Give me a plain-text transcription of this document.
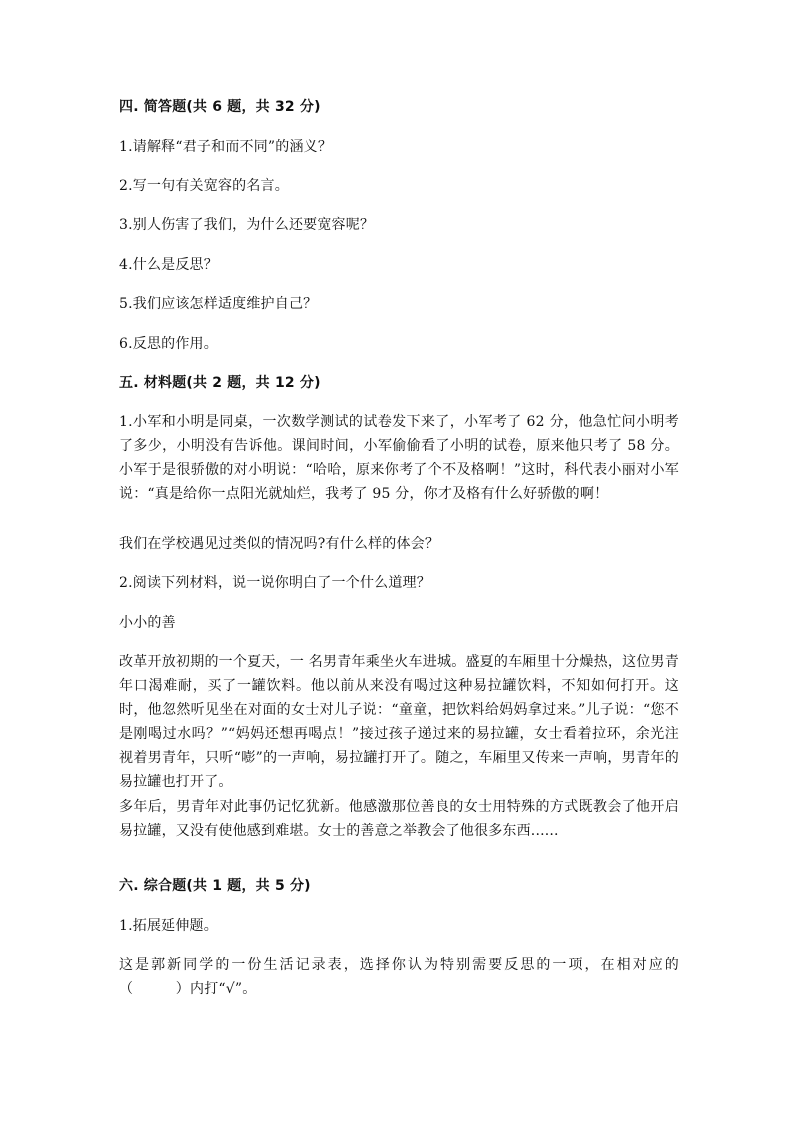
四. 简答题(共 6 题，共 32 分)
1.请解释“君子和而不同”的涵义？
2.写一句有关宽容的名言。
3.别人伤害了我们，为什么还要宽容呢？
4.什么是反思？
5.我们应该怎样适度维护自己？
6.反思的作用。
五. 材料题(共 2 题，共 12 分)
1.小军和小明是同桌，一次数学测试的试卷发下来了，小军考了 62 分，他急忙问小明考了多少，小明没有告诉他。课间时间，小军偷偷看了小明的试卷，原来他只考了 58 分。小军于是很骄傲的对小明说：“哈哈，原来你考了个不及格啊！”这时，科代表小丽对小军说：“真是给你一点阳光就灿烂，我考了 95 分，你才及格有什么好骄傲的啊！
我们在学校遇见过类似的情况吗?有什么样的体会？
2.阅读下列材料，说一说你明白了一个什么道理？
小小的善
改革开放初期的一个夏天，一 名男青年乘坐火车进城。盛夏的车厢里十分燥热，这位男青年口渴难耐，买了一罐饮料。他以前从来没有喝过这种易拉罐饮料，不知如何打开。这时，他忽然听见坐在对面的女士对儿子说：“童童，把饮料给妈妈拿过来。”儿子说：“您不是刚喝过水吗？”“妈妈还想再喝点！”接过孩子递过来的易拉罐，女士看着拉环，余光注视着男青年，只听“嘭”的一声响，易拉罐打开了。随之，车厢里又传来一声响，男青年的易拉罐也打开了。
多年后，男青年对此事仍记忆犹新。他感激那位善良的女士用特殊的方式既教会了他开启易拉罐，又没有使他感到难堪。女士的善意之举教会了他很多东西......
六. 综合题(共 1 题，共 5 分)
1.拓展延伸题。
这是郭新同学的一份生活记录表，选择你认为特别需要反思的一项，在相对应的（　　　）内打“√”。
